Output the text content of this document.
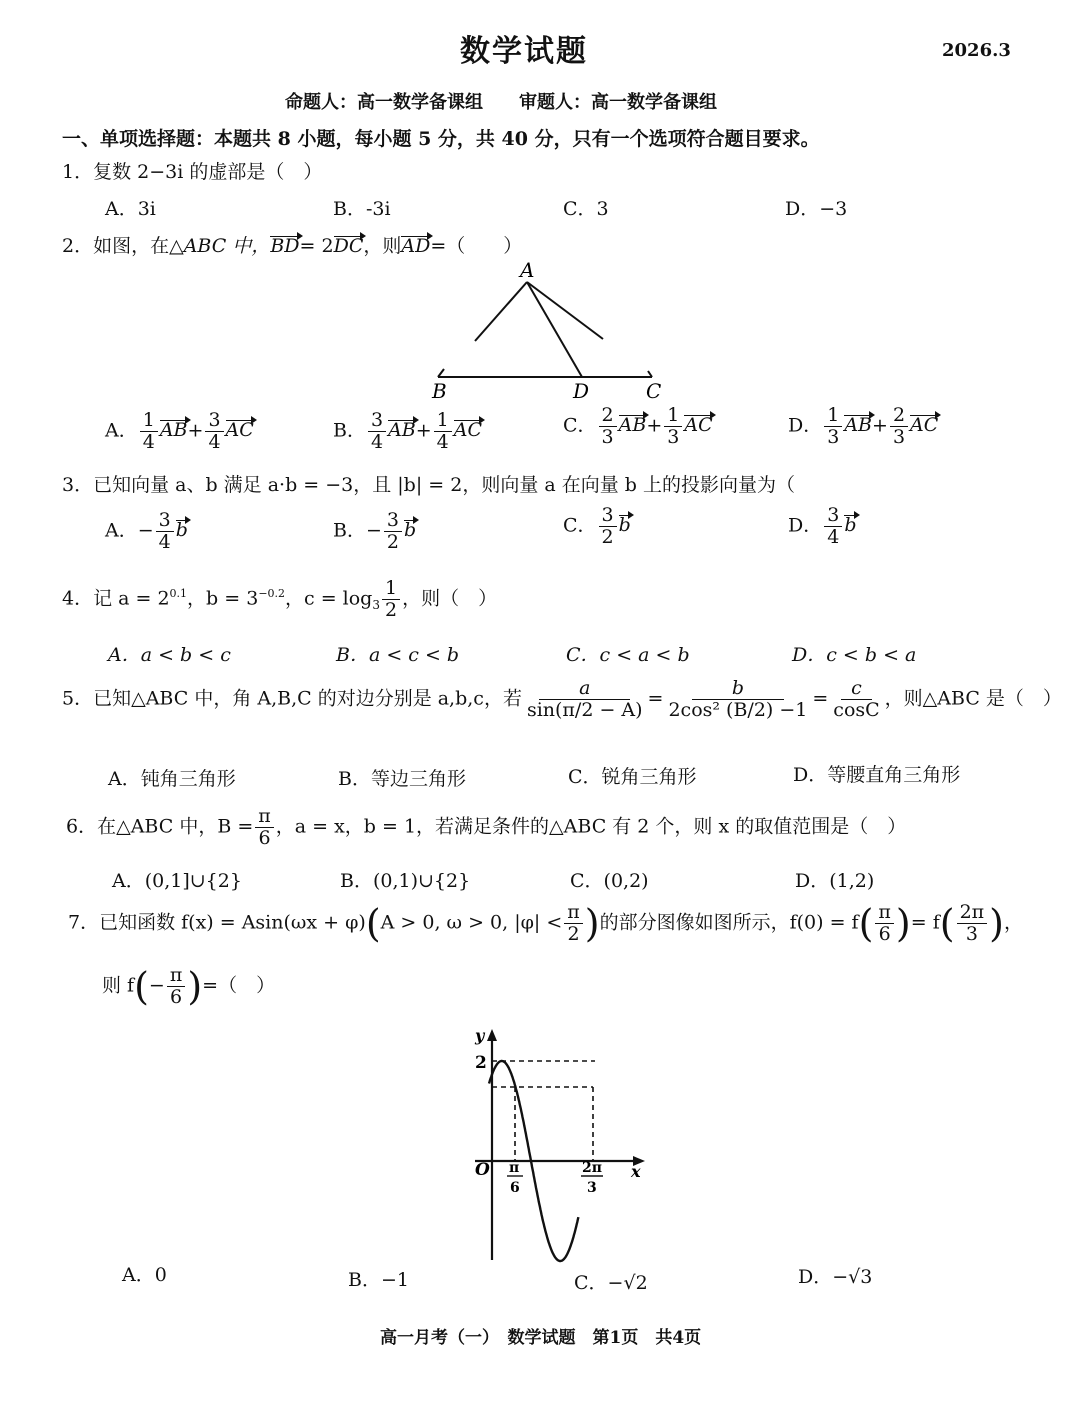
数学试题	2026.3
命题人：高一数学备课组　　审题人：高一数学备课组
一、单项选择题：本题共 8 小题，每小题 5 分，共 40 分，只有一个选项符合题目要求。
1．复数 2−3i 的虚部是（　）
A．3i	B．-3i	C．3	D．−3
2．如图，在△ABC 中，BD= 2DC，则AD=（　　）
A
B	D	C
A． $\frac{1}{4} AB+ \frac{3}{4}$ AC	B． $\frac{3}{4} AB+ \frac{1}{4}$ AC	C． $\frac{2}{3} AB+ \frac{1}{3}$ AC	D． $\frac{1}{3} AB+ \frac{2}{3}$ AC
3．已知向量 a、b 满足 a·b = −3，且 |b| = 2，则向量 a 在向量 b 上的投影向量为（
A．− $\frac{3}{4}$ b	B．− $\frac{3}{2}$ b	C． $\frac{3}{2}$ b	D． $\frac{3}{4}$ b
4．记 $a = 2^{0.1}$，$b = 3^{-0.2}$，$c = \log_3 \frac{1}{2}$ ，则（　）
A．a < b < c	B．a < c < b	C．c < a < b	D．c < b < a
5．已知△ABC 中，角 A,B,C 的对边分别是 a,b,c，若 $\frac{a}{\sin(\pi/2 - A)} = \frac{b}{\text{2cos² (B/2) −1}} = \frac{c}{\cos C}$ ，则△ABC 是（　）
A．钝角三角形	B．等边三角形	C．锐角三角形	D．等腰直角三角形
6．在△ABC 中，$B = \frac{\pi}{6}$ ，a = x，b = 1，若满足条件的△ABC 有 2 个，则 x 的取值范围是（　）
A．(0,1]∪{2}	B．(0,1)∪{2}	C．(0,2)	D．(1,2)
7．已知函数 f(x) = Asin(ωx + φ)(A > 0, ω > 0, $|\varphi| < \frac{\pi}{2}$ )的部分图像如图所示，$f(0) = f( \frac{\pi}{6}$ )= $f( \frac{2\pi}{3}$ )，
则 $f(- \frac{\pi}{6}$ )=（　）
y
2
O	x
π
6
2π
3
A．0	B．−1	C．−√2	D．−√3
高一月考（一）　数学试题　第1页　共4页
